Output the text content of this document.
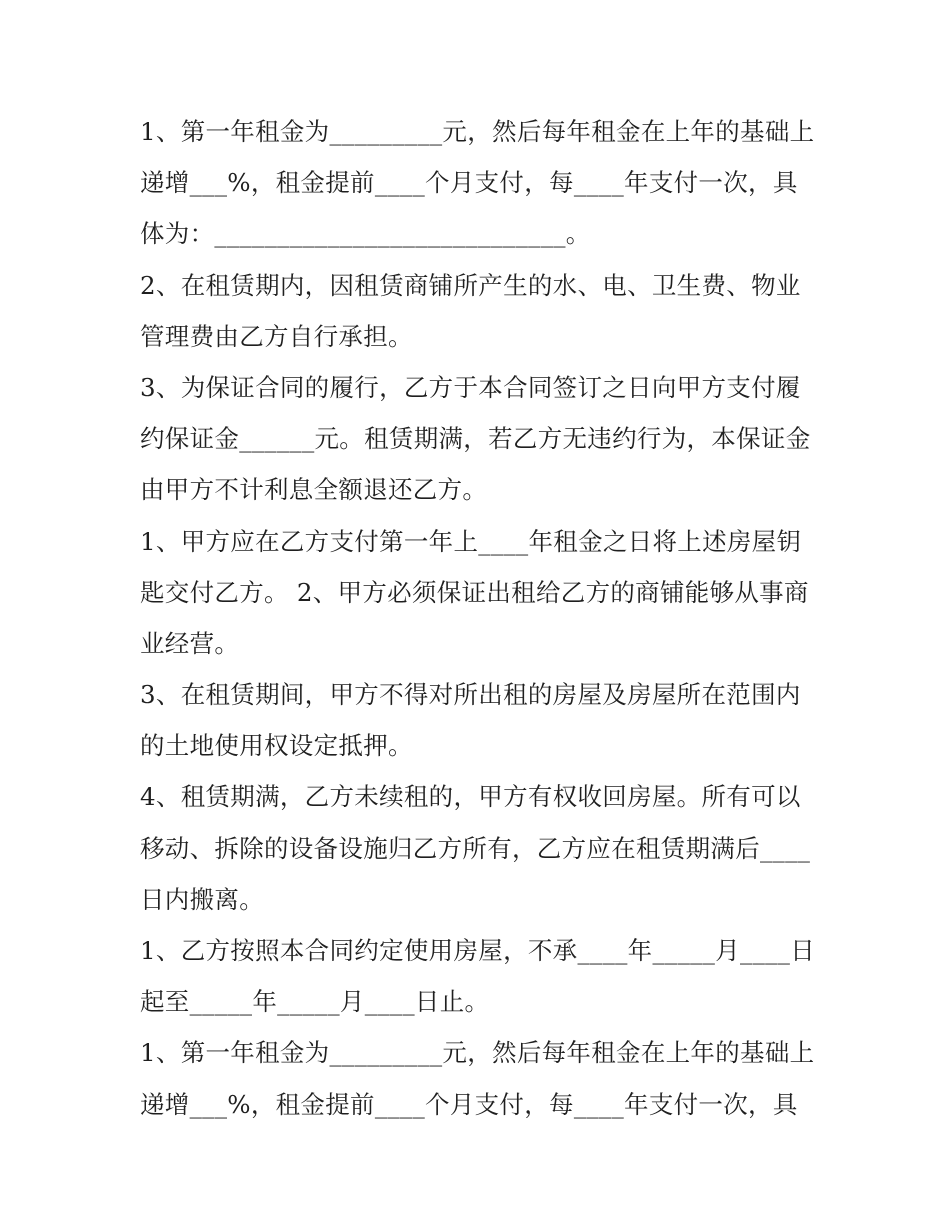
1、第一年租金为_________元，然后每年租金在上年的基础上
递增___%，租金提前____个月支付，每____年支付一次，具
体为：____________________________。
2、在租赁期内，因租赁商铺所产生的水、电、卫生费、物业
管理费由乙方自行承担。
3、为保证合同的履行，乙方于本合同签订之日向甲方支付履
约保证金______元。租赁期满，若乙方无违约行为，本保证金
由甲方不计利息全额退还乙方。
1、甲方应在乙方支付第一年上____年租金之日将上述房屋钥
匙交付乙方。 2、甲方必须保证出租给乙方的商铺能够从事商
业经营。
3、在租赁期间，甲方不得对所出租的房屋及房屋所在范围内
的土地使用权设定抵押。
4、租赁期满，乙方未续租的，甲方有权收回房屋。所有可以
移动、拆除的设备设施归乙方所有，乙方应在租赁期满后____
日内搬离。
1、乙方按照本合同约定使用房屋，不承____年_____月____日
起至_____年_____月____日止。
1、第一年租金为_________元，然后每年租金在上年的基础上
递增___%，租金提前____个月支付，每____年支付一次，具
